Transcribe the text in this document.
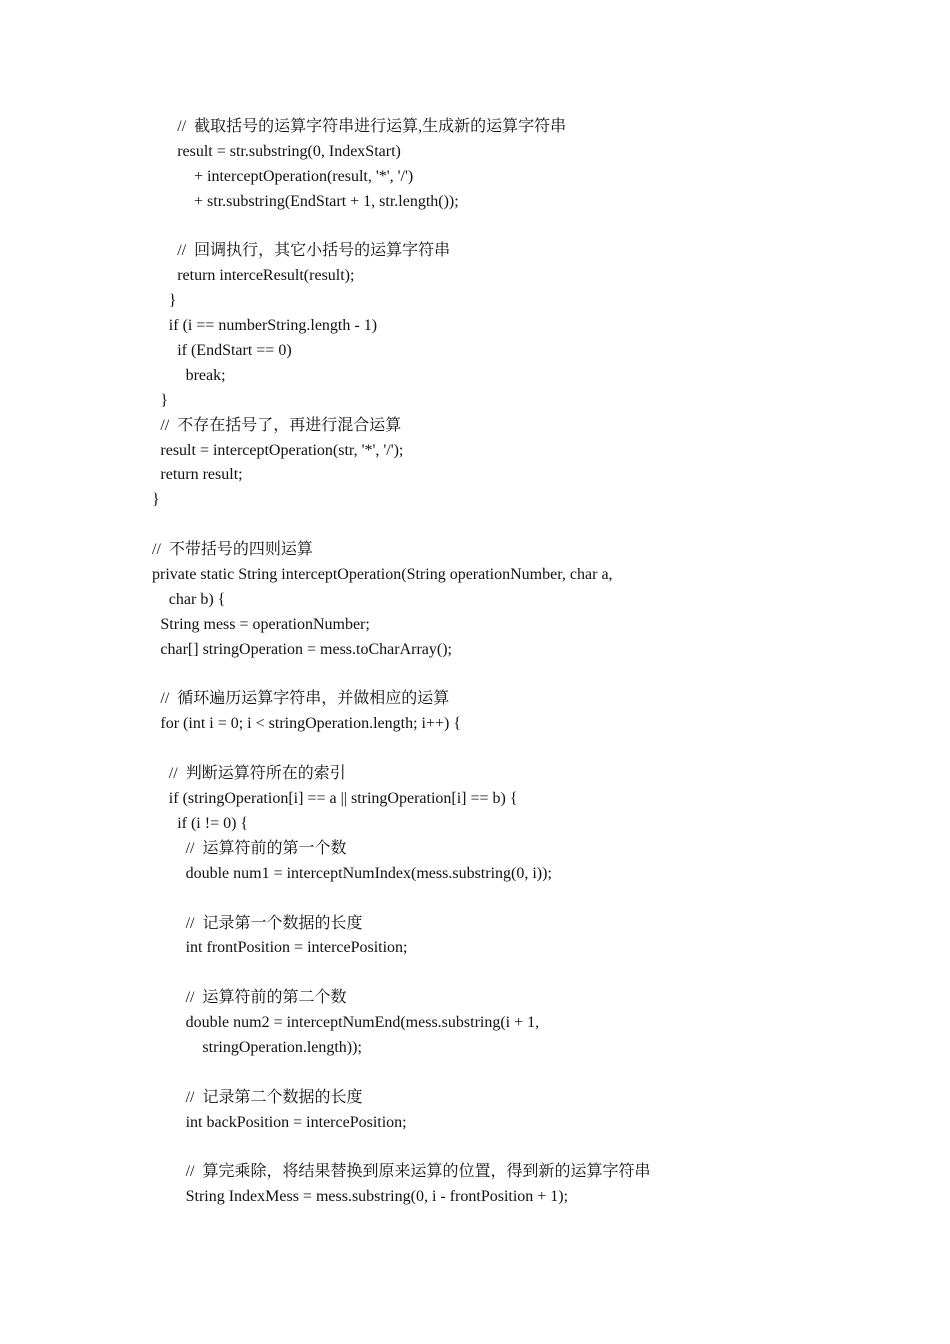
//  截取括号的运算字符串进行运算,生成新的运算字符串
result = str.substring(0, IndexStart)
+ interceptOperation(result, '*', '/')
+ str.substring(EndStart + 1, str.length());
//  回调执行，其它小括号的运算字符串
return interceResult(result);
}
if (i == numberString.length - 1)
if (EndStart == 0)
break;
}
//  不存在括号了，再进行混合运算
result = interceptOperation(str, '*', '/');
return result;
}
//  不带括号的四则运算
private static String interceptOperation(String operationNumber, char a,
char b) {
String mess = operationNumber;
char[] stringOperation = mess.toCharArray();
//  循环遍历运算字符串，并做相应的运算
for (int i = 0; i < stringOperation.length; i++) {
//  判断运算符所在的索引
if (stringOperation[i] == a || stringOperation[i] == b) {
if (i != 0) {
//  运算符前的第一个数
double num1 = interceptNumIndex(mess.substring(0, i));
//  记录第一个数据的长度
int frontPosition = intercePosition;
//  运算符前的第二个数
double num2 = interceptNumEnd(mess.substring(i + 1,
stringOperation.length));
//  记录第二个数据的长度
int backPosition = intercePosition;
//  算完乘除，将结果替换到原来运算的位置，得到新的运算字符串
String IndexMess = mess.substring(0, i - frontPosition + 1);
